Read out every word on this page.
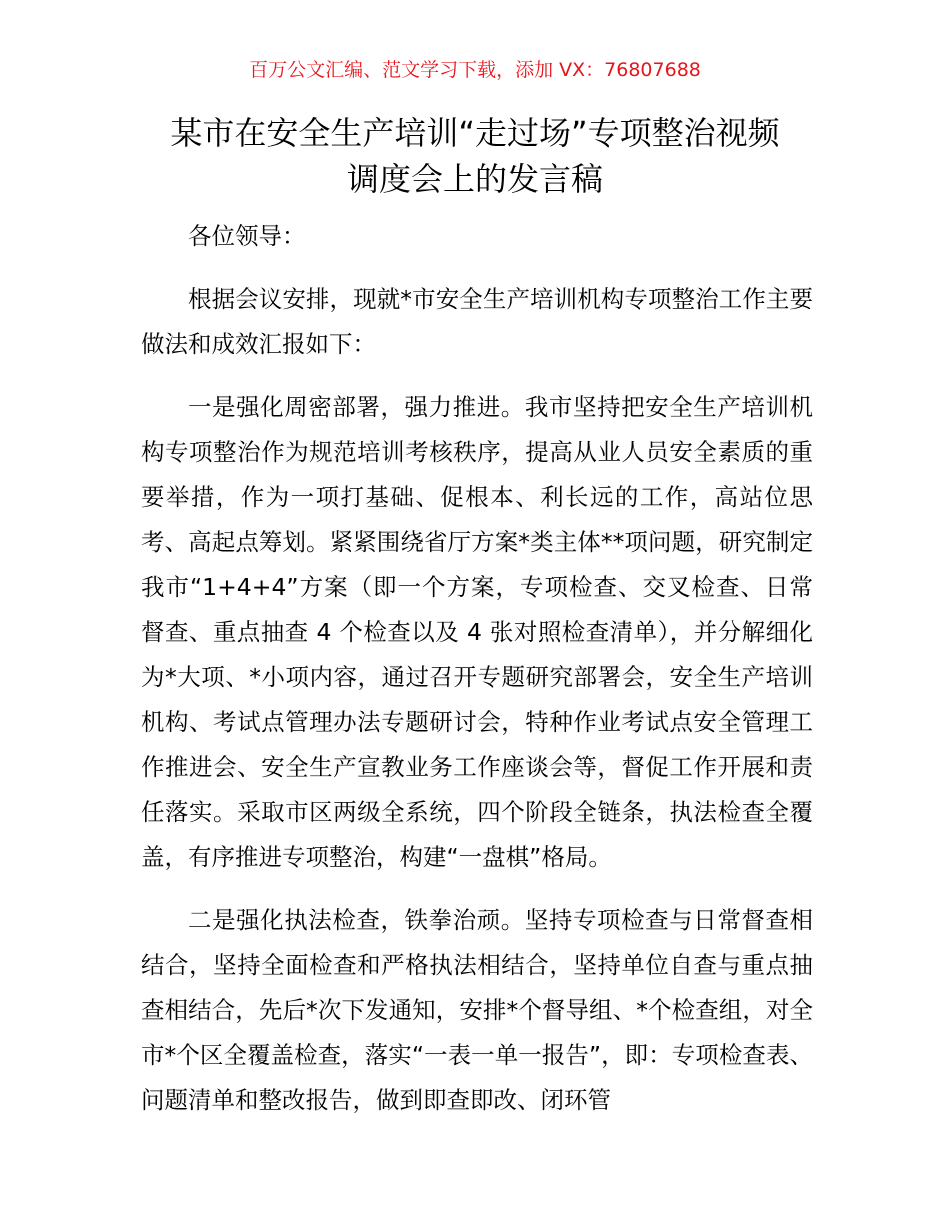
百万公文汇编、范文学习下载，添加 VX：76807688
某市在安全生产培训“走过场”专项整治视频
调度会上的发言稿

各位领导：

根据会议安排，现就*市安全生产培训机构专项整治工作主要做法和成效汇报如下：

一是强化周密部署，强力推进。我市坚持把安全生产培训机构专项整治作为规范培训考核秩序，提高从业人员安全素质的重要举措，作为一项打基础、促根本、利长远的工作，高站位思考、高起点筹划。紧紧围绕省厅方案*类主体**项问题，研究制定我市“1+4+4”方案（即一个方案，专项检查、交叉检查、日常督查、重点抽查 4 个检查以及 4 张对照检查清单），并分解细化为*大项、*小项内容，通过召开专题研究部署会，安全生产培训机构、考试点管理办法专题研讨会，特种作业考试点安全管理工作推进会、安全生产宣教业务工作座谈会等，督促工作开展和责任落实。采取市区两级全系统，四个阶段全链条，执法检查全覆盖，有序推进专项整治，构建“一盘棋”格局。

二是强化执法检查，铁拳治顽。坚持专项检查与日常督查相结合，坚持全面检查和严格执法相结合，坚持单位自查与重点抽查相结合，先后*次下发通知，安排*个督导组、*个检查组，对全市*个区全覆盖检查，落实“一表一单一报告”，即：专项检查表、问题清单和整改报告，做到即查即改、闭环管
